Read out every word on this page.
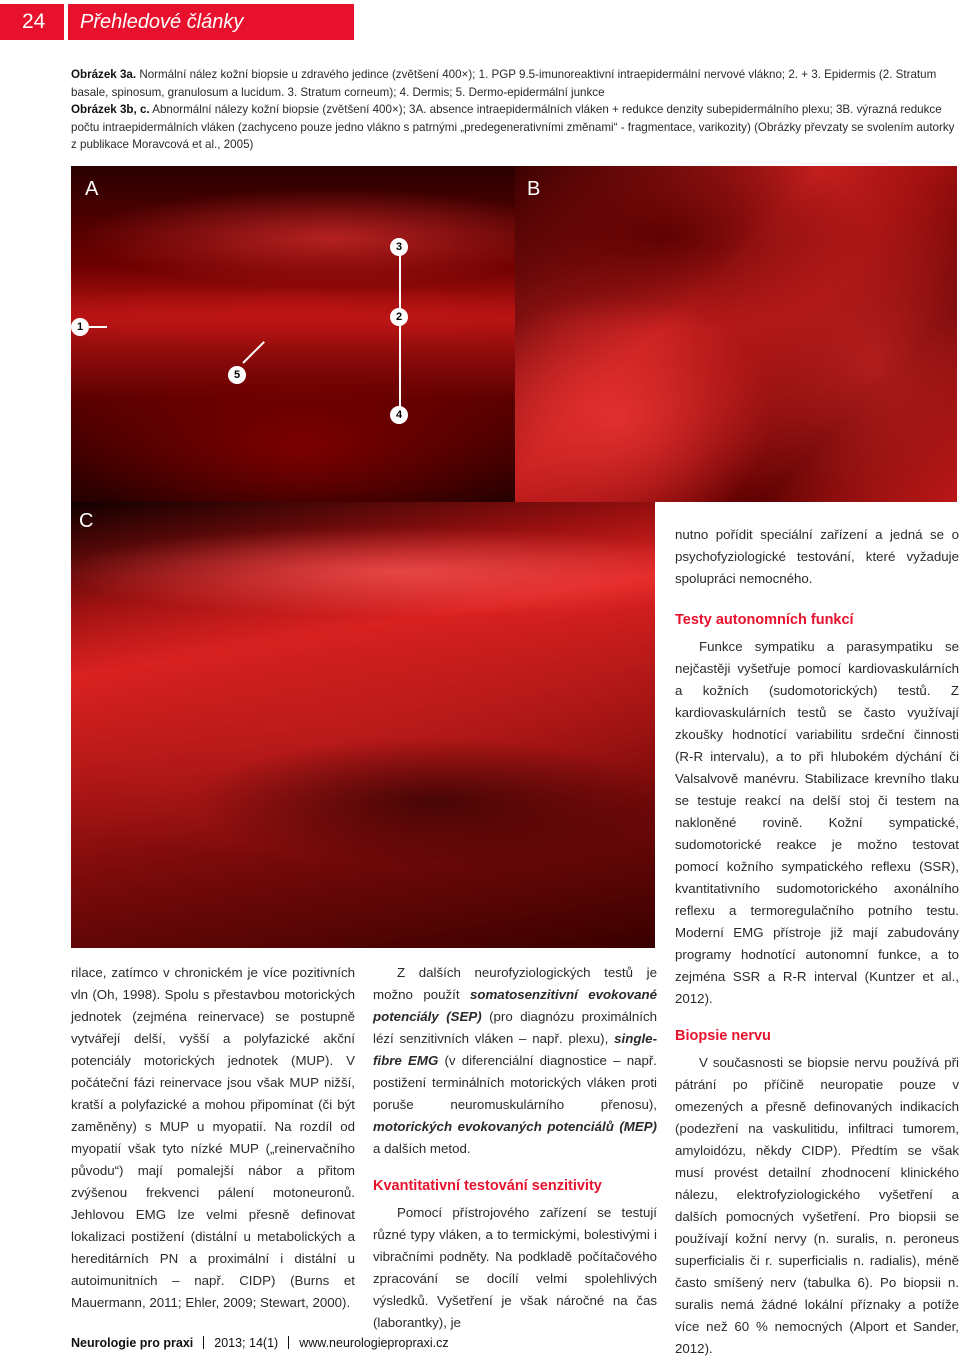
24	Přehledové články
Obrázek 3a. Normální nález kožní biopsie u zdravého jedince (zvětšení 400×); 1. PGP 9.5-imunoreaktivní intraepidermální nervové vlákno; 2. + 3. Epidermis (2. Stratum basale, spinosum, granulosum a lucidum. 3. Stratum corneum); 4. Dermis; 5. Dermo-epidermální junkce
Obrázek 3b, c. Abnormální nálezy kožní biopsie (zvětšení 400×); 3A. absence intraepidermálních vláken + redukce denzity subepidermálního plexu; 3B. výrazná redukce počtu intraepidermálních vláken (zachyceno pouze jedno vlákno s patrnými „predegenerativními změnami“ - fragmentace, varikozity) (Obrázky převzaty se svolením autorky z publikace Moravcová et al., 2005)
A
3
2
4
1
5
B
C

nutno pořídit speciální zařízení a jedná se o psychofyziologické testování, které vyžaduje spolupráci nemocného.

Testy autonomních funkcí

Funkce sympatiku a parasympatiku se nejčastěji vyšetřuje pomocí kardiovaskulárních a kožních (sudomotorických) testů. Z kardiovaskulárních testů se často využívají zkoušky hodnotící variabilitu srdeční činnosti (R-R intervalu), a to při hlubokém dýchání či Valsalvově manévru. Stabilizace krevního tlaku se testuje reakcí na delší stoj či testem na nakloněné rovině. Kožní sympatické, sudomotorické reakce je možno testovat pomocí kožního sympatického reflexu (SSR), kvantitativního sudomotorického axonálního reflexu a termoregulačního potního testu. Moderní EMG přístroje již mají zabudovány programy hodnotící autonomní funkce, a to zejména SSR a R-R interval (Kuntzer et al., 2012).

Biopsie nervu

V současnosti se biopsie nervu používá při pátrání po příčině neuropatie pouze v omezených a přesně definovaných indikacích (podezření na vaskulitidu, infiltraci tumorem, amyloidózu, někdy CIDP). Předtím se však musí provést detailní zhodnocení klinického nálezu, elektrofyziologického vyšetření a dalších pomocných vyšetření. Pro biopsii se používají kožní nervy (n. suralis, n. peroneus superficialis či r. superficialis n. radialis), méně často smíšený nerv (tabulka 6). Po biopsii n. suralis nemá žádné lokální příznaky a potíže více než 60 % nemocných (Alport et Sander, 2012).

rilace, zatímco v chronickém je více pozitivních vln (Oh, 1998). Spolu s přestavbou motorických jednotek (zejména reinervace) se postupně vytvářejí delší, vyšší a polyfazické akční potenciály motorických jednotek (MUP). V počáteční fázi reinervace jsou však MUP nižší, kratší a polyfazické a mohou připomínat (či být zaměněny) s MUP u myopatií. Na rozdíl od myopatií však tyto nízké MUP („reinervačního původu“) mají pomalejší nábor a přitom zvýšenou frekvenci pálení motoneuronů. Jehlovou EMG lze velmi přesně definovat lokalizaci postižení (distální u metabolických a hereditárních PN a proximální i distální u autoimunitních – např. CIDP) (Burns et Mauermann, 2011; Ehler, 2009; Stewart, 2000).

Z dalších neurofyziologických testů je možno použít somatosenzitivní evokované potenciály (SEP) (pro diagnózu proximálních lézí senzitivních vláken – např. plexu), single-fibre EMG (v diferenciální diagnostice – např. postižení terminálních motorických vláken proti poruše neuromuskulárního přenosu), motorických evokovaných potenciálů (MEP) a dalších metod.

Kvantitativní testování senzitivity

Pomocí přístrojového zařízení se testují různé typy vláken, a to termickými, bolestivými i vibračními podněty. Na podkladě počítačového zpracování se docílí velmi spolehlivých výsledků. Vyšetření je však náročné na čas (laborantky), je

Neurologie pro praxi 2013; 14(1) www.neurologiepropraxi.cz
